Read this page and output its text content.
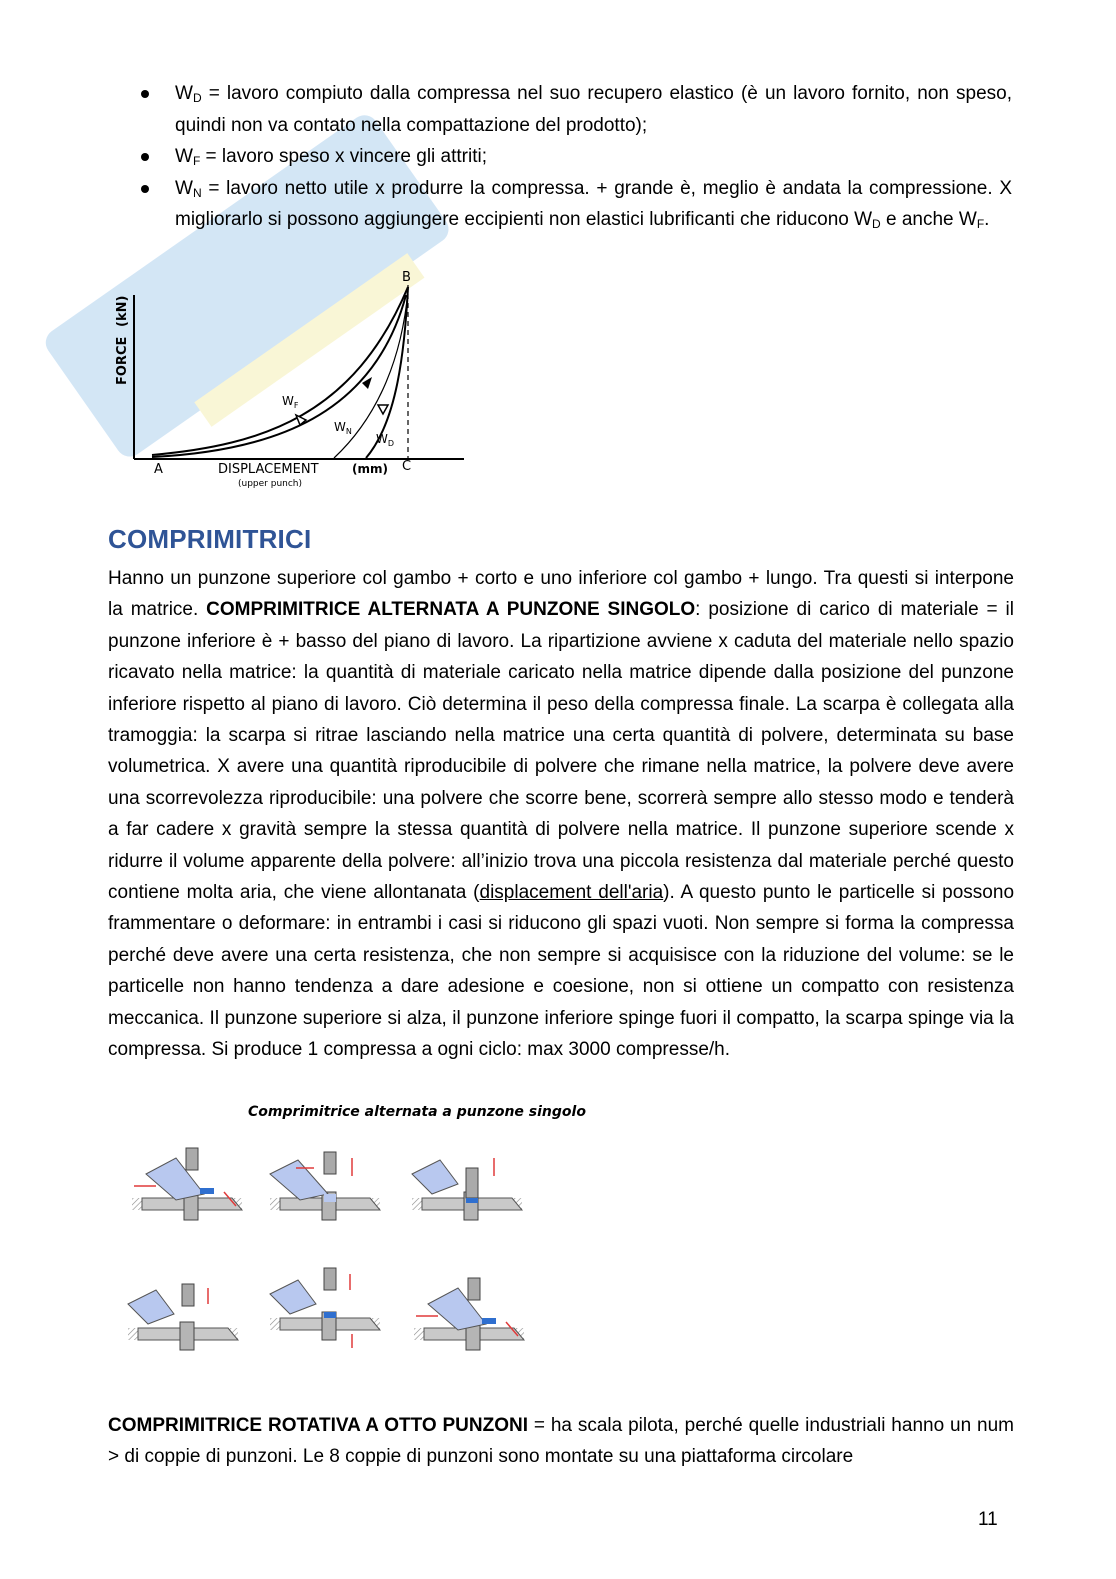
$W_D$ = lavoro compiuto dalla compressa nel suo recupero elastico (è un lavoro fornito, non speso, quindi non va contato nella compattazione del prodotto);
$W_F$ = lavoro speso x vincere gli attriti;
$W_N$ = lavoro netto utile x produrre la compressa. + grande è, meglio è andata la compressione. X migliorarlo si possono aggiungere eccipienti non elastici lubrificanti che riducono $W_D$ e anche $W_F$.
FORCE
(kN)
DISPLACEMENT	(mm)
(upper punch)
A
B
C
$W_F$
$W_N$
$W_D$
COMPRIMITRICI

Hanno un punzone superiore col gambo + corto e uno inferiore col gambo + lungo. Tra questi si interpone la matrice. COMPRIMITRICE ALTERNATA A PUNZONE SINGOLO: posizione di carico di materiale = il punzone inferiore è + basso del piano di lavoro. La ripartizione avviene x caduta del materiale nello spazio ricavato nella matrice: la quantità di materiale caricato nella matrice dipende dalla posizione del punzone inferiore rispetto al piano di lavoro. Ciò determina il peso della compressa finale. La scarpa è collegata alla tramoggia: la scarpa si ritrae lasciando nella matrice una certa quantità di polvere, determinata su base volumetrica. X avere una quantità riproducibile di polvere che rimane nella matrice, la polvere deve avere una scorrevolezza riproducibile: una polvere che scorre bene, scorrerà sempre allo stesso modo e tenderà a far cadere x gravità sempre la stessa quantità di polvere nella matrice. Il punzone superiore scende x ridurre il volume apparente della polvere: all’inizio trova una piccola resistenza dal materiale perché questo contiene molta aria, che viene allontanata (displacement dell'aria). A questo punto le particelle si possono frammentare o deformare: in entrambi i casi si riducono gli spazi vuoti. Non sempre si forma la compressa perché deve avere una certa resistenza, che non sempre si acquisisce con la riduzione del volume: se le particelle non hanno tendenza a dare adesione e coesione, non si ottiene un compatto con resistenza meccanica. Il punzone superiore si alza, il punzone inferiore spinge fuori il compatto, la scarpa spinge via la compressa. Si produce 1 compressa a ogni ciclo: max 3000 compresse/h.

Comprimitrice alternata a punzone singolo

COMPRIMITRICE ROTATIVA A OTTO PUNZONI = ha scala pilota, perché quelle industriali hanno un num > di coppie di punzoni. Le 8 coppie di punzoni sono montate su una piattaforma circolare

11
